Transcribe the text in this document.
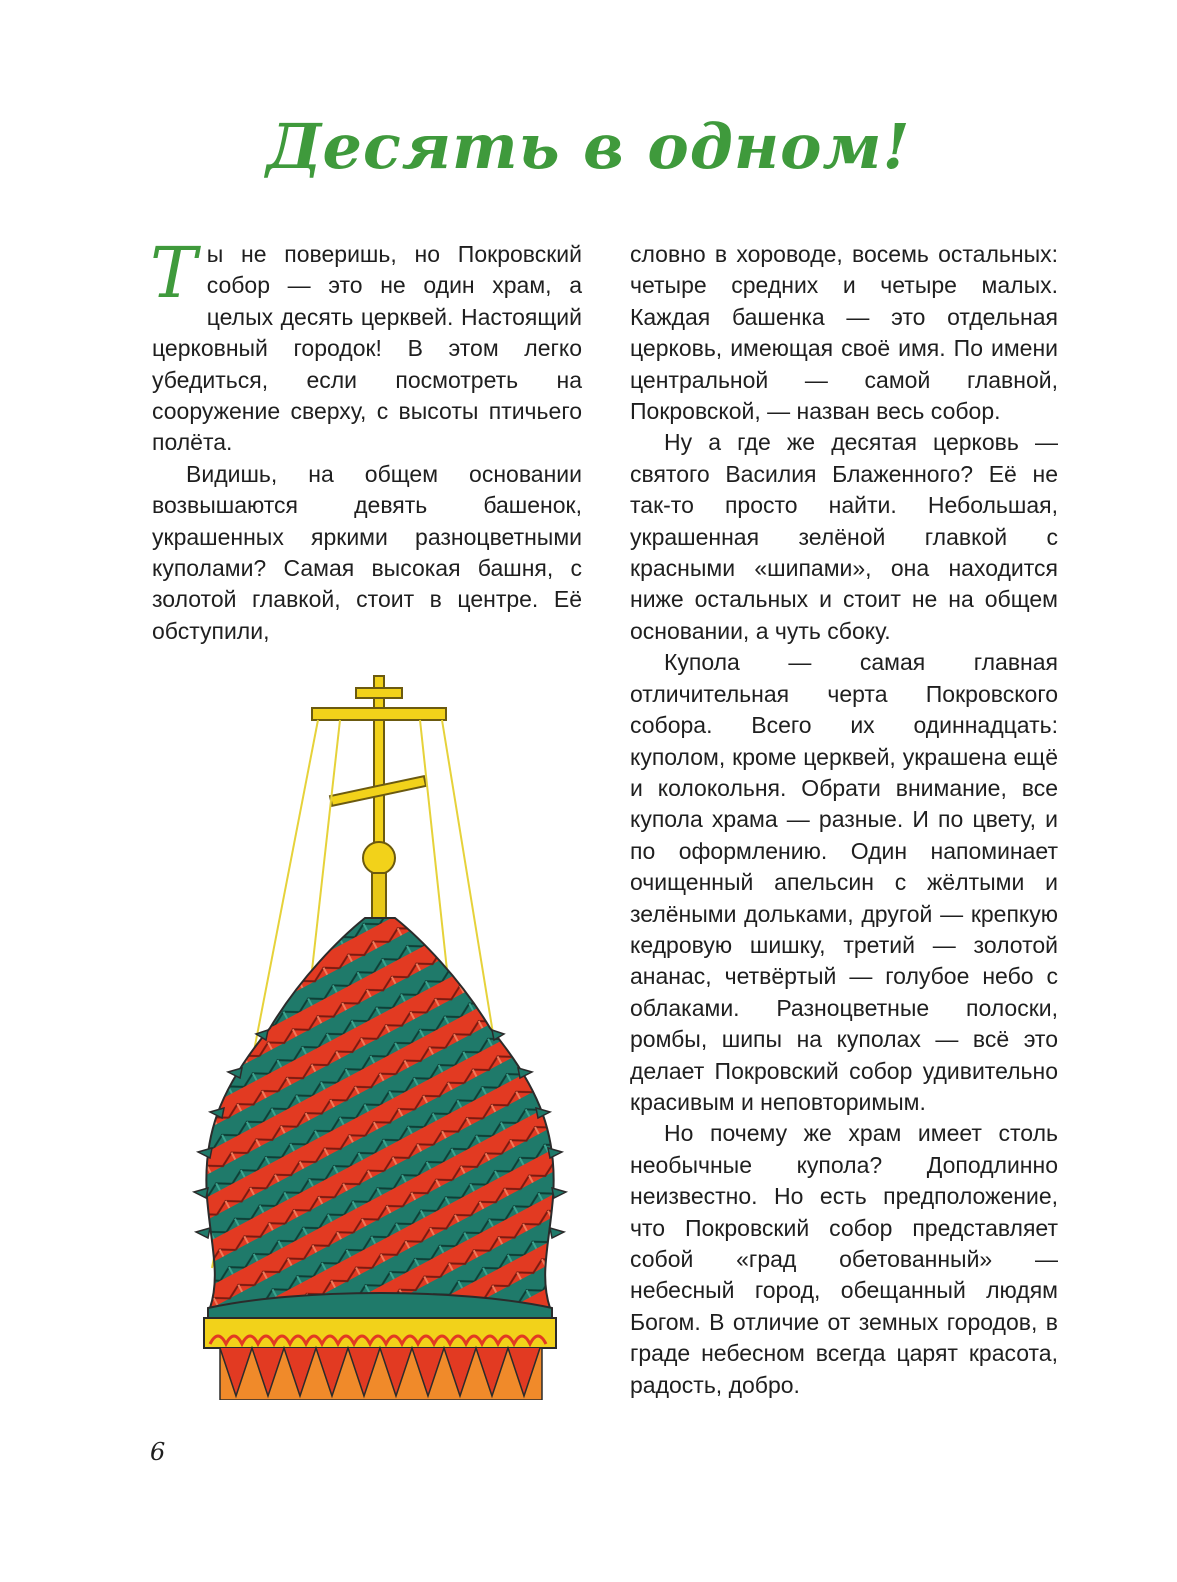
Десять в одном!

Ты не поверишь, но Покровский собор — это не один храм, а целых десять церквей. Настоящий церковный городок! В этом легко убедиться, если посмотреть на сооружение сверху, с высоты птичьего полёта.

Видишь, на общем основании возвышаются девять башенок, украшенных яркими разноцветными куполами? Самая высокая башня, с золотой главкой, стоит в центре. Её обступили,

словно в хороводе, восемь остальных: четыре средних и четыре малых. Каждая башенка — это отдельная церковь, имеющая своё имя. По имени центральной — самой главной, Покровской, — назван весь собор.

Ну а где же десятая церковь — святого Василия Блаженного? Её не так-то просто найти. Небольшая, украшенная зелёной главкой с красными «шипами», она находится ниже остальных и стоит не на общем основании, а чуть сбоку.

Купола — самая главная отличительная черта Покровского собора. Всего их одиннадцать: куполом, кроме церквей, украшена ещё и колокольня. Обрати внимание, все купола храма — разные. И по цвету, и по оформлению. Один напоминает очищенный апельсин с жёлтыми и зелёными дольками, другой — крепкую кедровую шишку, третий — золотой ананас, четвёртый — голубое небо с облаками. Разноцветные полоски, ромбы, шипы на куполах — всё это делает Покровский собор удивительно красивым и неповторимым.

Но почему же храм имеет столь необычные купола? Доподлинно неизвестно. Но есть предположение, что Покровский собор представляет собой «град обетованный» — небесный город, обещанный людям Богом. В отличие от земных городов, в граде небесном всегда царят красота, радость, добро.

6
